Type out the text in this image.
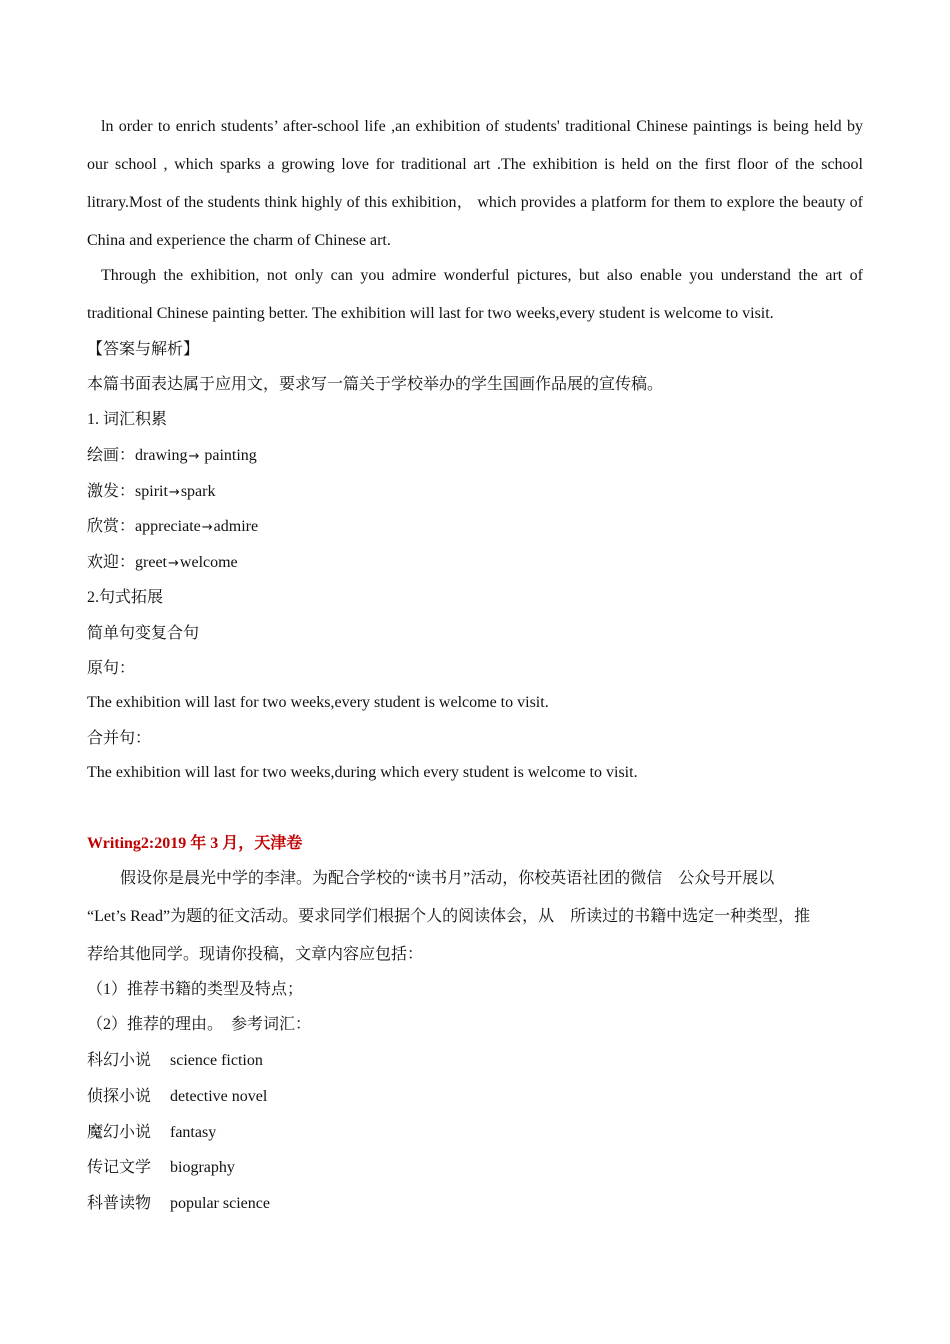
ln order to enrich students’ after-school life ,an exhibition of students' traditional Chinese paintings is being held by our school , which sparks a growing love for traditional art .The exhibition is held on the first floor of the school litrary.Most of the students think highly of this exhibition， which provides a platform for them to explore the beauty of China and experience the charm of Chinese art.

Through the exhibition, not only can you admire wonderful pictures, but also enable you understand the art of traditional Chinese painting better. The exhibition will last for two weeks,every student is welcome to visit.

【答案与解析】

本篇书面表达属于应用文，要求写一篇关于学校举办的学生国画作品展的宣传稿。

1. 词汇积累

绘画：drawing→ painting

激发：spirit→spark

欣赏：appreciate→admire

欢迎：greet→welcome

2.句式拓展

简单句变复合句

原句：

The exhibition will last for two weeks,every student is welcome to visit.

合并句：

The exhibition will last for two weeks,during which every student is welcome to visit.

Writing2:2019 年 3 月，天津卷

假设你是晨光中学的李津。为配合学校的“读书月”活动，你校英语社团的微信　公众号开展以

“Let’s Read”为题的征文活动。要求同学们根据个人的阅读体会，从　所读过的书籍中选定一种类型，推

荐给其他同学。现请你投稿，文章内容应包括：

（1）推荐书籍的类型及特点；

（2）推荐的理由。　参考词汇：

科幻小说 science fiction

侦探小说 detective novel

魔幻小说 fantasy

传记文学 biography

科普读物 popular science
